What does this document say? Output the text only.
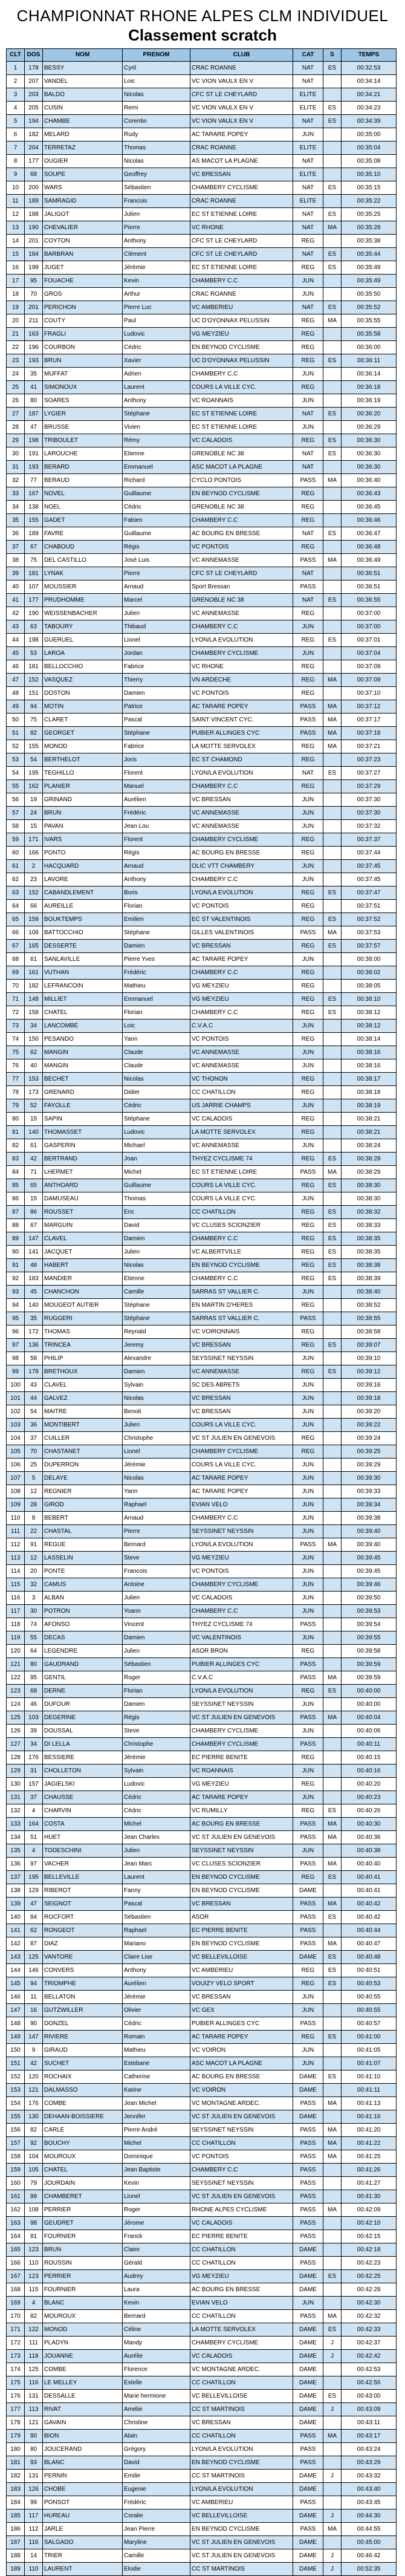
CHAMPIONNAT RHONE ALPES CLM INDIVIDUEL
Classement scratch
CLT	DOS	NOM	PRENOM	CLUB	CAT	S	TEMPS
1	178	BESSY	Cyril	CRAC ROANNE	NAT	ES	00:32:53
2	207	VANDEL	Loic	VC VION VAULX EN V	NAT		00:34:14
3	203	BALDO	Nicolas	CFC ST LE CHEYLARD	ELITE		00:34:21
4	205	CUSIN	Remi	VC VION VAULX EN V	ELITE	ES	00:34:23
5	194	CHAMBE	Corentin	VC VION VAULX EN V	NAT	ES	00:34:39
6	182	MELARD	Rudy	AC TARARE POPEY	JUN		00:35:00
7	204	TERRETAZ	Thomas	CRAC ROANNE	ELITE		00:35:04
8	177	OUGIER	Nicolas	AS MACOT LA PLAGNE	NAT		00:35:08
9	68	SOUPE	Geoffrey	VC BRESSAN	ELITE		00:35:10
10	200	WARS	Sébastien	CHAMBERY CYCLISME	NAT	ES	00:35:15
11	189	SAMRAGID	Francois	CRAC ROANNE	ELITE		00:35:22
12	188	JALIGOT	Julien	EC ST ETIENNE LOIRE	NAT	ES	00:35:25
13	190	CHEVALIER	Pierre	VC RHONE	NAT	MA	00:35:28
14	201	COYTON	Anthony	CFC ST LE CHEYLARD	REG		00:35:38
15	184	BARBRAN	Clément	CFC ST LE CHEYLARD	NAT	ES	00:35:44
16	199	JUGET	Jérémie	EC ST ETIENNE LOIRE	REG	ES	00:35:49
17	95	FOUACHE	Kevin	CHAMBERY C.C	JUN		00:35:49
18	70	GROS	Arthur	CRAC ROANNE	JUN		00:35:50
19	201	PERICHON	Pierre Luc	VC AMBERIEU	NAT	ES	00:35:52
20	211	COUTY	Paul	UC D'OYONNAX PELUSSIN	REG	MA	00:35:55
21	163	FRAGLI	Ludovic	VG MEYZIEU	REG		00:35:58
22	196	COURBON	Cédric	EN BEYNOD CYCLISME	REG		00:36:00
23	193	BRUN	Xavier	UC D'OYONNAX PELUSSIN	REG	ES	00:36:11
24	35	MUFFAT	Adrien	CHAMBERY C.C	JUN		00:36:14
25	41	SIMONOUX	Laurent	COURS LA VILLE CYC.	REG		00:36:18
26	80	SOARES	Anthony	VC ROANNAIS	JUN		00:36:19
27	187	LYGIER	Stéphane	EC ST ETIENNE LOIRE	NAT	ES	00:36:20
28	47	BRUSSE	Vivien	EC ST ETIENNE LOIRE	JUN		00:36:29
29	198	TRIBOULET	Rémy	VC CALADOIS	REG	ES	00:36:30
30	191	LAROUCHE	Etienne	GRENOBLE NC 38	NAT	ES	00:36:30
31	193	BERARD	Emmanuel	ASC MACOT LA PLAGNE	NAT		00:36:30
32	77	BERAUD	Richard	CYCLO PONTOIS	PASS	MA	00:36:40
33	167	NOVEL	Guillaume	EN BEYNOD CYCLISME	REG		00:36:43
34	138	NOEL	Cédric	GRENOBLE NC 38	REG		00:36:45
35	155	GADET	Fabien	CHAMBERY C.C	REG		00:36:46
36	189	FAVRE	Guillaume	AC BOURG EN BRESSE	NAT	ES	00:36:47
37	67	CHABOUD	Régis	VC PONTOIS	REG		00:36:48
38	75	DEL CASTILLO	José Luis	VC ANNEMASSE	PASS	MA	00:36:49
39	181	LYNAK	Pierre	CFC ST LE CHEYLARD	NAT		00:36:51
40	107	MOUSSIER	Arnaud	Sport Bressan	PASS		00:36:51
41	177	PRUDHOMME	Marcel	GRENOBLE NC 38	NAT	ES	00:36:55
42	190	WEISSENBACHER	Julien	VC ANNEMASSE	REG		00:37:00
43	63	TABOURY	Thibaud	CHAMBERY C.C	JUN		00:37:00
44	198	GUERUEL	Lionel	LYON/LA EVOLUTION	REG	ES	00:37:01
45	53	LAROA	Jordan	CHAMBERY CYCLISME	JUN		00:37:04
46	181	BELLOCCHIO	Fabrice	VC RHONE	REG		00:37:09
47	152	VASQUEZ	Thierry	VN ARDECHE	REG	MA	00:37:09
48	151	DOSTON	Damien	VC PONTOIS	REG		00:37:10
49	94	MOTIN	Patrice	AC TARARE POPEY	PASS	MA	00:37:12
50	75	CLARET	Pascal	SAINT VINCENT CYC.	PASS	MA	00:37:17
51	82	GEORGET	Stéphane	PUBIER ALLINGES CYC	PASS	MA	00:37:18
52	155	MONOD	Fabrice	LA MOTTE SERVOLEX	REG	MA	00:37:21
53	54	BERTHELOT	Joris	EC ST CHAMOND	REG		00:37:23
54	195	TEGHILLO	Florent	LYON/LA EVOLUTION	NAT	ES	00:37:27
55	162	PLANIER	Manuel	CHAMBERY C.C	REG		00:37:29
56	19	GRINAND	Aurélien	VC BRESSAN	JUN		00:37:30
57	24	BRUN	Frédéric	VC ANNEMASSE	JUN		00:37:30
58	15	PAVAN	Jean Lou	VC ANNEMASSE	JUN		00:37:32
59	171	IVARS	Florent	CHAMBERY CYCLISME	REG		00:37:37
60	166	PONTO	Régis	AC BOURG EN BRESSE	REG		00:37:44
61	2	HACQUARD	Arnaud	OLIC VTT CHAMBERY	JUN		00:37:45
62	23	LAVORE	Anthony	CHAMBERY C.C	JUN		00:37:45
63	152	CABANDLEMENT	Boris	LYON/LA EVOLUTION	REG	ES	00:37:47
64	66	AUREILLE	Florian	VC PONTOIS	REG		00:37:51
65	159	BOUKTEMPS	Emilien	EC ST VALENTINOIS	REG	ES	00:37:52
66	106	BATTOCCHIO	Stéphane	GILLES VALENTINOIS	PASS	MA	00:37:53
67	165	DESSERTE	Damien	VC BRESSAN	REG	ES	00:37:57
68	61	SANLAVILLE	Pierre Yves	AC TARARE POPEY	JUN		00:38:00
69	161	VUTHAN	Frédéric	CHAMBERY C.C	REG		00:38:02
70	182	LEFRANCOIN	Mathieu	VG MEYZIEU	REG		00:38:05
71	148	MILLIET	Emmanuel	VG MEYZIEU	REG	ES	00:38:10
72	158	CHATEL	Florian	CHAMBERY C.C	REG	ES	00:38:12
73	34	LANCOMBE	Loic	C.V.A.C	JUN		00:38:12
74	150	PESANDO	Yann	VC PONTOIS	REG		00:38:14
75	62	MANGIN	Claude	VC ANNEMASSE	JUN		00:38:16
76	40	MANGIN	Claude	VC ANNEMASSE	JUN		00:38:16
77	153	BECHET	Nicolas	VC THONON	REG		00:38:17
78	173	GRENARD	Didier	CC CHATILLON	REG		00:38:18
79	52	FAYOLLE	Cédric	US JARRIE CHAMPS	JUN		00:38:19
80	15	SAPIN	Stéphane	VC CALADOIS	REG		00:38:21
81	140	THOMASSET	Ludovic	LA MOTTE SERVOLEX	REG		00:38:21
82	61	GASPERIN	Michael	VC ANNEMASSE	JUN		00:38:24
83	42	BERTRAND	Joan	THYEZ CYCLISME 74	REG	ES	00:38:28
84	71	LHERMET	Michel	EC ST ETIENNE LOIRE	PASS	MA	00:38:29
85	65	ANTHOARD	Guillaume	COURS LA VILLE CYC.	REG	ES	00:38:30
86	15	DAMUSEAU	Thomas	COURS LA VILLE CYC.	JUN		00:38:30
87	86	ROUSSET	Eric	CC CHATILLON	REG	ES	00:38:32
88	67	MARGUIN	David	VC CLUSES SCIONZIER	REG	ES	00:38:33
89	147	CLAVEL	Damien	CHAMBERY C.C	REG	ES	00:38:35
90	141	JACQUET	Julien	VC ALBERTVILLE	REG	ES	00:38:35
91	48	HABERT	Nicolas	EN BEYNOD CYCLISME	REG	ES	00:38:38
92	183	MANDIER	Etienne	CHAMBERY C.C	REG	ES	00:38:39
93	45	CHANCHON	Camille	SARRAS ST VALLIER C.	JUN		00:38:40
94	140	MOUGEOT AUTIER	Stéphane	EN MARTIN D'HERES	REG		00:38:52
95	35	RUGGERI	Stéphane	SARRAS ST VALLIER C.	PASS		00:38:55
96	172	THOMAS	Reynald	VC VOIRONNAIS	REG		00:38:58
97	136	TRINCEA	Jeremy	VC BRESSAN	REG	ES	00:39:07
98	58	PHILIP	Alexandre	SEYSSINET NEYSSIN	JUN		00:39:10
99	178	BRETHOUX	Damien	VC ANNEMASSE	REG	ES	00:39:12
100	43	CLAVEL	Sylvain	SC DES ABRETS	JUN		00:39:16
101	44	GALVEZ	Nicolas	VC BRESSAN	JUN		00:39:18
102	54	MAITRE	Benoit	VC BRESSAN	JUN		00:39:20
103	36	MONTIBERT	Julien	COURS LA VILLE CYC.	JUN		00:39:22
104	37	CUILLER	Christophe	VC ST JULIEN EN GENEVOIS	REG		00:39:24
105	70	CHASTANET	Lionel	CHAMBERY CYCLISME	REG		00:39:25
106	25	DUPERRON	Jérémie	COURS LA VILLE CYC.	JUN		00:39:29
107	5	DELAYE	Nicolas	AC TARARE POPEY	JUN		00:39:30
108	12	REGNIER	Yann	AC TARARE POPEY	JUN		00:39:33
109	28	GIROD	Raphael	EVIAN VELO	JUN		00:39:34
110	8	BEBERT	Arnaud	CHAMBERY C.C	JUN		00:39:38
111	22	CHASTAL	Pierre	SEYSSINET NEYSSIN	JUN		00:39:40
112	91	REGUE	Bernard	LYON/LA EVOLUTION	PASS	MA	00:39:40
113	12	LASSELIN	Steve	VG MEYZIEU	JUN		00:39:45
114	20	PONTE	Francois	VC PONTOIS	JUN		00:39:45
115	32	CAMUS	Antoine	CHAMBERY CYCLISME	JUN		00:39:46
116	3	ALBAN	Julien	VC CALADOIS	JUN		00:39:50
117	30	POTRON	Yoann	CHAMBERY C.C	JUN		00:39:53
118	74	AFONSO	Vincent	THYEZ CYCLISME 74	PASS		00:39:54
119	55	DECAS	Damien	VC VALENTINOIS	JUN		00:39:55
120	64	LEGENDRE	Julien	ASOR BRON	REG		00:39:58
121	80	GAUDRAND	Sébastien	PUBIER ALLINGES CYC	PASS		00:39:59
122	95	GENTIL	Roger	C.V.A.C	PASS	MA	00:39:59
123	68	DERNE	Florian	LYON/LA EVOLUTION	REG	ES	00:40:00
124	46	DUFOUR	Damien	SEYSSINET NEYSSIN	JUN		00:40:00
125	103	DEGERINE	Régis	VC ST JULIEN EN GENEVOIS	PASS	MA	00:40:04
126	39	DOUSSAL	Steve	CHAMBERY CYCLISME	JUN		00:40:06
127	34	DI LELLA	Christophe	CHAMBERY CYCLISME	PASS		00:40:11
128	176	BESSIERE	Jérémie	EC PIERRE BENITE	REG		00:40:15
129	31	CHOLLETON	Sylvain	VC ROANNAIS	JUN		00:40:16
130	157	JAGIELSKI	Ludovic	VG MEYZIEU	REG		00:40:20
131	37	CHAUSSE	Cédric	AC TARARE POPEY	JUN		00:40:23
132	4	CHARVIN	Cédric	VC RUMILLY	REG	ES	00:40:26
133	164	COSTA	Michel	AC BOURG EN BRESSE	PASS	MA	00:40:30
134	51	HUET	Jean Charles	VC ST JULIEN EN GENEVOIS	PASS	MA	00:40:36
135	4	TODESCHINI	Julien	SEYSSINET NEYSSIN	JUN		00:40:38
136	97	VACHER	Jean Marc	VC CLUSES SCIONZIER	PASS	MA	00:40:40
137	195	BELLEVILLE	Laurent	EN BEYNOD CYCLISME	REG	ES	00:40:41
138	129	RIBEROT	Fanny	EN BEYNOD CYCLISME	DAME		00:40:41
139	47	SEIGNOT	Pascal	VC BRESSAN	PASS	MA	00:40:42
140	84	ROCFORT	Sébastien	ASOR	PASS	ES	00:40:42
141	62	RONGEOT	Raphael	EC PIERRE BENITE	PASS		00:40:44
142	87	DIAZ	Mariano	EN BEYNOD CYCLISME	PASS	MA	00:40:47
143	125	VANTORE	Claire Lise	VC BELLEVILLOISE	DAME	ES	00:40:48
144	146	CONVERS	Anthony	VC AMBERIEU	REG	ES	00:40:51
145	94	TRIOMPHE	Aurélien	VOUIZY VELO SPORT	REG	ES	00:40:53
146	11	BELLATON	Jérémie	VC BRESSAN	JUN		00:40:55
147	16	GUTZWILLER	Olivier	VC GEX	JUN		00:40:55
148	90	DONZEL	Cédric	PUBIER ALLINGES CYC	PASS		00:40:57
149	147	RIVIERE	Romain	AC TARARE POPEY	REG	ES	00:41:00
150	9	GIRAUD	Mathieu	VC VOIRON	JUN		00:41:05
151	42	SUCHET	Estebane	ASC MACOT LA PLAGNE	JUN		00:41:07
152	120	ROCHAIX	Catherine	AC BOURG EN BRESSE	DAME	ES	00:41:10
153	121	DALMASSO	Karine	VC VOIRON	DAME		00:41:11
154	176	COMBE	Jean Michel	VC MONTAGNE ARDEC.	PASS	MA	00:41:13
155	130	DEHAAN-BOISSIERE	Jennifer	VC ST JULIEN EN GENEVOIS	DAME		00:41:16
156	82	CARLE	Pierre André	SEYSSINET NEYSSIN	PASS	MA	00:41:20
157	92	BOUCHY	Michel	CC CHATILLON	PASS	MA	00:41:22
158	104	MOUROUX	Dominique	VC PONTOIS	PASS	MA	00:41:25
159	105	CHATEL	Jean Baptiste	CHAMBERY C.C	PASS		00:41:26
160	79	JOURDAIN	Kevin	SEYSSINET NEYSSIN	PASS		00:41:27
161	99	CHAMBERET	Lionel	VC ST JULIEN EN GENEVOIS	PASS		00:41:30
162	108	PERRIER	Roger	RHONE ALPES CYCLISME	PASS	MA	00:42:09
163	98	GEUDRET	Jérome	VC CALADOIS	PASS		00:42:10
164	81	FOURNIER	Franck	EC PIERRE BENITE	PASS		00:42:15
165	123	BRUN	Claire	CC CHATILLON	DAME		00:42:18
166	110	ROUSSIN	Gérald	CC CHATILLON	PASS		00:42:23
167	123	PERRIER	Audrey	VG MEYZIEU	DAME	ES	00:42:25
168	115	FOURNIER	Laura	AC BOURG EN BRESSE	DAME		00:42:28
169	4	BLANC	Kevin	EVIAN VELO	JUN		00:42:30
170	82	MOUROUX	Bernard	CC CHATILLON	PASS	MA	00:42:32
171	122	MONOD	Céline	LA MOTTE SERVOLEX	DAME	ES	00:42:33
172	111	PLADYN	Mandy	CHAMBERY CYCLISME	DAME	J	00:42:37
173	118	JOUANNE	Aurélie	VC CALADOIS	DAME	J	00:42:42
174	125	COMBE	Florence	VC MONTAGNE ARDEC.	DAME		00:42:53
175	116	LE MELLEY	Estelle	CC CHATILLON	DAME		00:42:56
176	131	DESSALLE	Marie hermione	VC BELLEVILLOISE	DAME	ES	00:43:00
177	113	RIVAT	Amélie	CC ST MARTINOIS	DAME	J	00:43:09
178	121	GAVAIN	Christine	VC BRESSAN	DAME		00:43:11
179	90	BION	Alain	CC CHATILLON	PASS	MA	00:43:17
180	80	JOUCERAND	Grégory	LYON/LA EVOLUTION	PASS		00:43:24
181	93	BLANC	David	EN BEYNOD CYCLISME	PASS		00:43:29
182	131	PERNIN	Emilie	CC ST MARTINOIS	DAME	J	00:43:32
183	126	CHOBE	Eugenie	LYON/LA EVOLUTION	DAME		00:43:40
184	99	PONSOT	Frédéric	VC AMBERIEU	PASS		00:43:45
185	117	HUREAU	Coralie	VC BELLEVILLOISE	DAME	J	00:44:30
186	112	JARLE	Jean Pierre	EN BEYNOD CYCLISME	PASS	MA	00:44:55
187	116	SALGADO	Maryline	VC ST JULIEN EN GENEVOIS	DAME		00:45:00
188	14	TRIER	Camille	VC ST JULIEN EN GENEVOIS	DAME	J	00:46:42
189	110	LAURENT	Elodie	CC ST MARTINOIS	DAME	J	00:52:35
